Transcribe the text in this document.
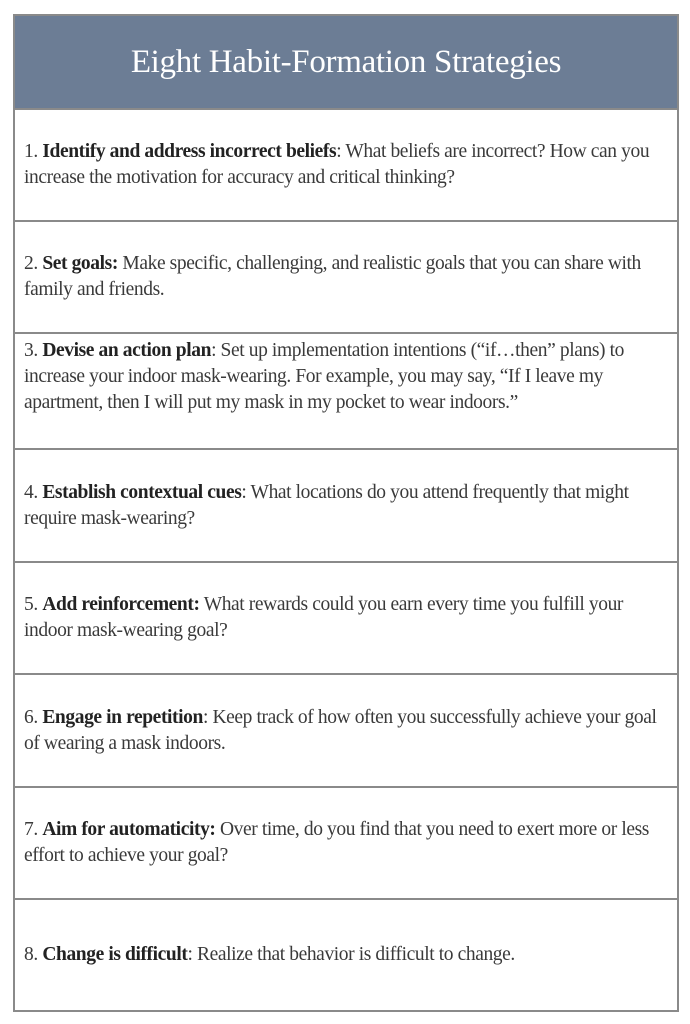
Eight Habit-Formation Strategies
1. Identify and address incorrect beliefs: What beliefs are incorrect? How can you increase the motivation for accuracy and critical thinking?
2. Set goals: Make specific, challenging, and realistic goals that you can share with family and friends.
3. Devise an action plan: Set up implementation intentions (“if…then” plans) to increase your indoor mask-wearing. For example, you may say, “If I leave my apartment, then I will put my mask in my pocket to wear indoors.”
4. Establish contextual cues: What locations do you attend frequently that might require mask-wearing?
5. Add reinforcement: What rewards could you earn every time you fulfill your indoor mask-wearing goal?
6. Engage in repetition: Keep track of how often you successfully achieve your goal of wearing a mask indoors.
7. Aim for automaticity: Over time, do you find that you need to exert more or less effort to achieve your goal?
8. Change is difficult: Realize that behavior is difficult to change.
